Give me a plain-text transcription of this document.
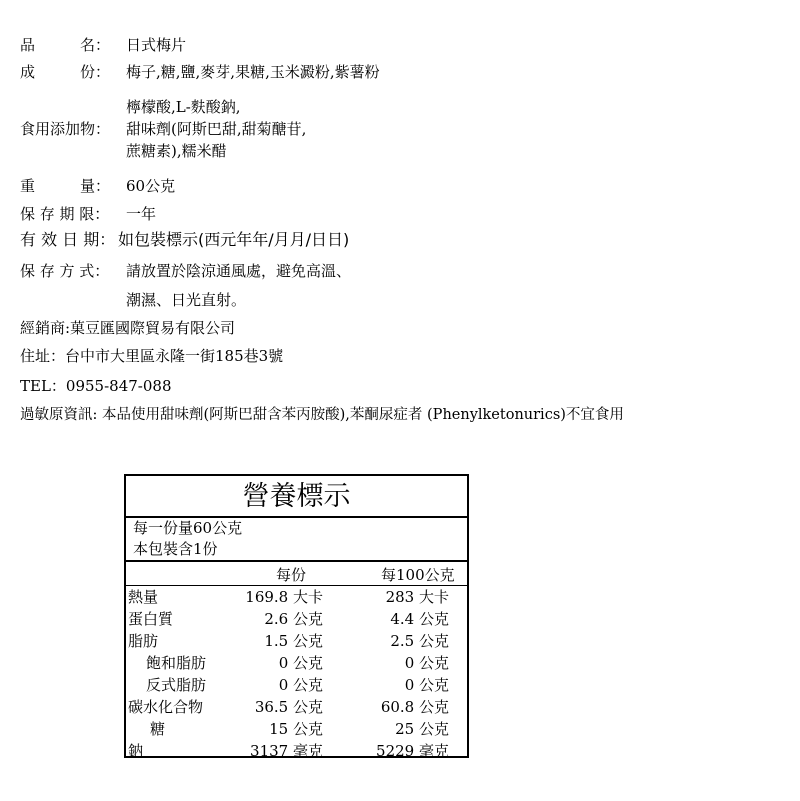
品　　　名： 日式梅片
成　　　份： 梅子,糖,鹽,麥芽,果糖,玉米澱粉,紫薯粉
檸檬酸,L-麩酸鈉,
食用添加物： 甜味劑(阿斯巴甜,甜菊醣苷,
蔗糖素),糯米醋
重　　　量： 60公克
保 存 期 限： 一年
有 效 日 期： 如包裝標示(西元年年/月月/日日)
保 存 方 式： 請放置於陰涼通風處，避免高溫、
潮濕、日光直射。
經銷商:菓豆匯國際貿易有限公司
住址：台中市大里區永隆一街185巷3號
TEL：0955-847-088
過敏原資訊: 本品使用甜味劑(阿斯巴甜含苯丙胺酸),苯酮尿症者 (Phenylketonurics)不宜食用
營養標示
每一份量60公克
本包裝含1份
每份	每100公克
熱量	169.8 大卡	283 大卡
蛋白質	2.6 公克	4.4 公克
脂肪	1.5 公克	2.5 公克
飽和脂肪	0 公克	0 公克
反式脂肪	0 公克	0 公克
碳水化合物	36.5 公克	60.8 公克
糖	15 公克	25 公克
鈉	3137 毫克	5229 毫克
